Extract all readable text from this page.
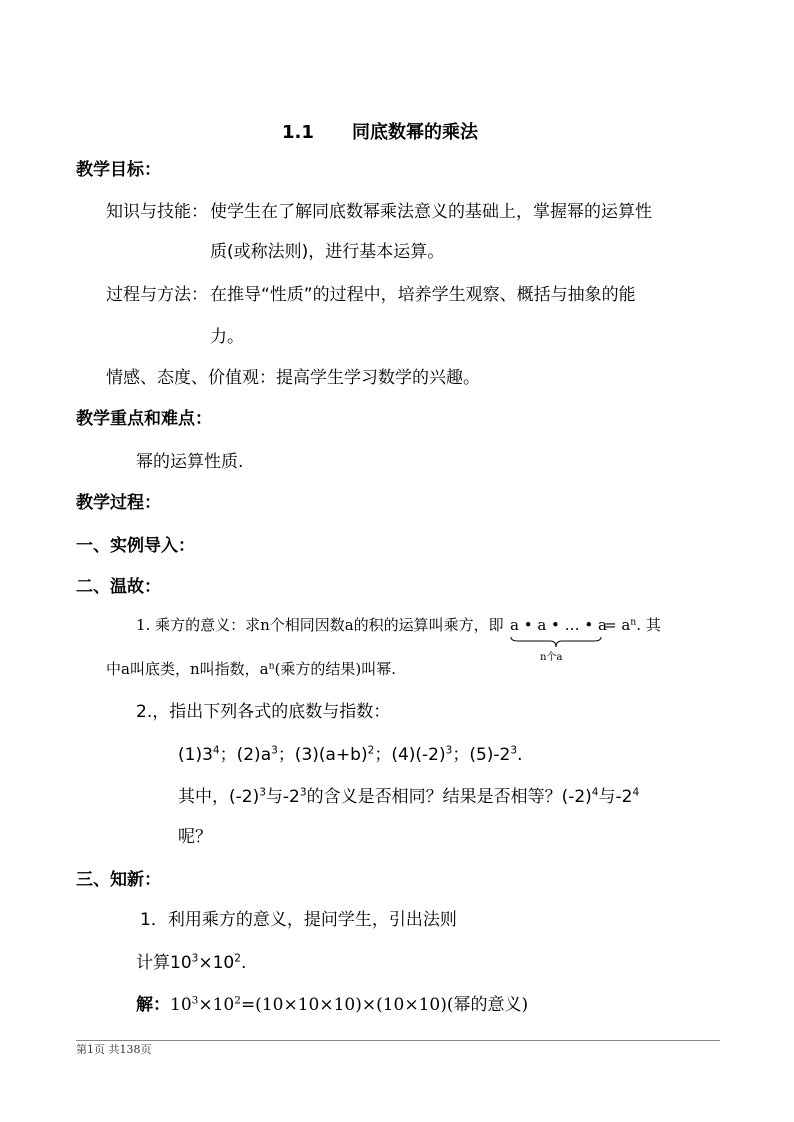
1.1 同底数幂的乘法
教学目标：
知识与技能： 使学生在了解同底数幂乘法意义的基础上，掌握幂的运算性
质(或称法则)，进行基本运算。
过程与方法： 在推导“性质”的过程中，培养学生观察、概括与抽象的能
力。
情感、态度、价值观：提高学生学习数学的兴趣。
教学重点和难点：
幂的运算性质.
教学过程：
一、实例导入：
二、温故：
1. 乘方的意义：求n个相同因数a的积的运算叫乘方，即 a • a • … • a
n个a
= $a^n$. 其
中a叫底类，n叫指数，$a^n$(乘方的结果)叫幂.
2.，指出下列各式的底数与指数：
$(1)3^4$；$(2)a^3$；$(3)(a+b)^2$；$(4)(-2)^3$；$(5)-2^3$.
其中，$(-2)^3$与$-2^3$的含义是否相同？结果是否相等？$(-2)^4$与$-2^4$
呢？
三、知新：
1．利用乘方的意义，提问学生，引出法则
计算$10^3\times 10^2$.
解：$10^3\times 10^2=(10\times 10\times 10)\times(10\times 10)$(幂的意义)
第1页 共138页
